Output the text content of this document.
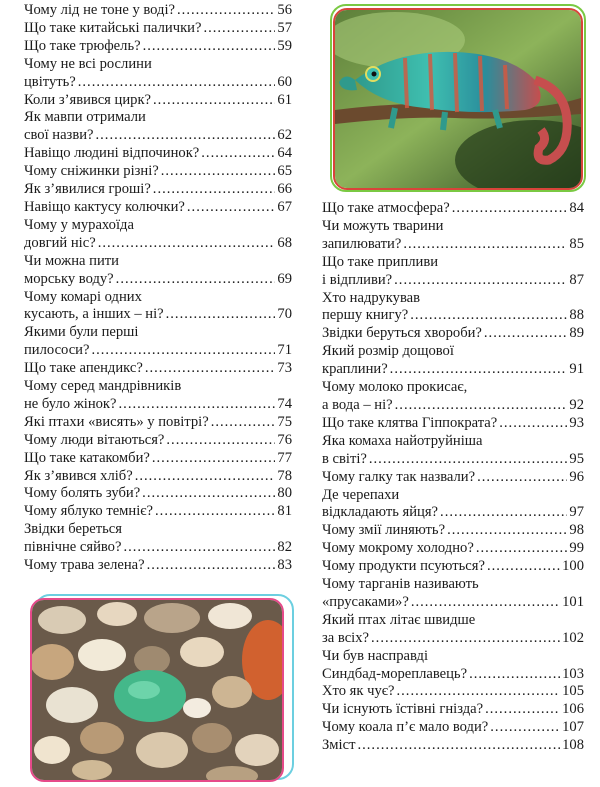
Чому лід не тоне у воді? .....	56
Що таке китайські палички? .....	57
Що таке трюфель? .....	59
Чому не всі рослини
цвітуть? .....	60
Коли з’явився цирк? .....	61
Як мавпи отримали
свої назви? .....	62
Навіщо людині відпочинок? .....	64
Чому сніжинки різні? .....	65
Як з’явилися гроші? .....	66
Навіщо кактусу колючки? .....	67
Чому у мурахоїда
довгий ніс? .....	68
Чи можна пити
морську воду? .....	69
Чому комарі одних
кусають, а інших – ні? .....	70
Якими були перші
пилососи? .....	71
Що таке апендикс? .....	73
Чому серед мандрівників
не було жінок? .....	74
Які птахи «висять» у повітрі? .....	75
Чому люди вітаються? .....	76
Що таке катакомби? .....	77
Як з’явився хліб? .....	78
Чому болять зуби? .....	80
Чому яблуко темніє? .....	81
Звідки береться
північне сяйво? .....	82
Чому трава зелена? .....	83
Що таке атмосфера? .....	84
Чи можуть тварини
запилювати? .....	85
Що таке припливи
і відпливи? .....	87
Хто надрукував
першу книгу? .....	88
Звідки беруться хвороби? .....	89
Який розмір дощової
краплини? .....	91
Чому молоко прокисає,
а вода – ні? .....	92
Що таке клятва Гіппократа? .....	93
Яка комаха найотруйніша
в світі? .....	95
Чому галку так назвали? .....	96
Де черепахи
відкладають яйця? .....	97
Чому змії линяють? .....	98
Чому мокрому холодно? .....	99
Чому продукти псуються? .....	100
Чому тарганів називають
«прусаками»? .....	101
Який птах літає швидше
за всіх? .....	102
Чи був насправді
Синдбад-мореплавець? .....	103
Хто як чує? .....	105
Чи існують їстівні гнізда? .....	106
Чому коала п’є мало води? .....	107
Зміст .....	108
